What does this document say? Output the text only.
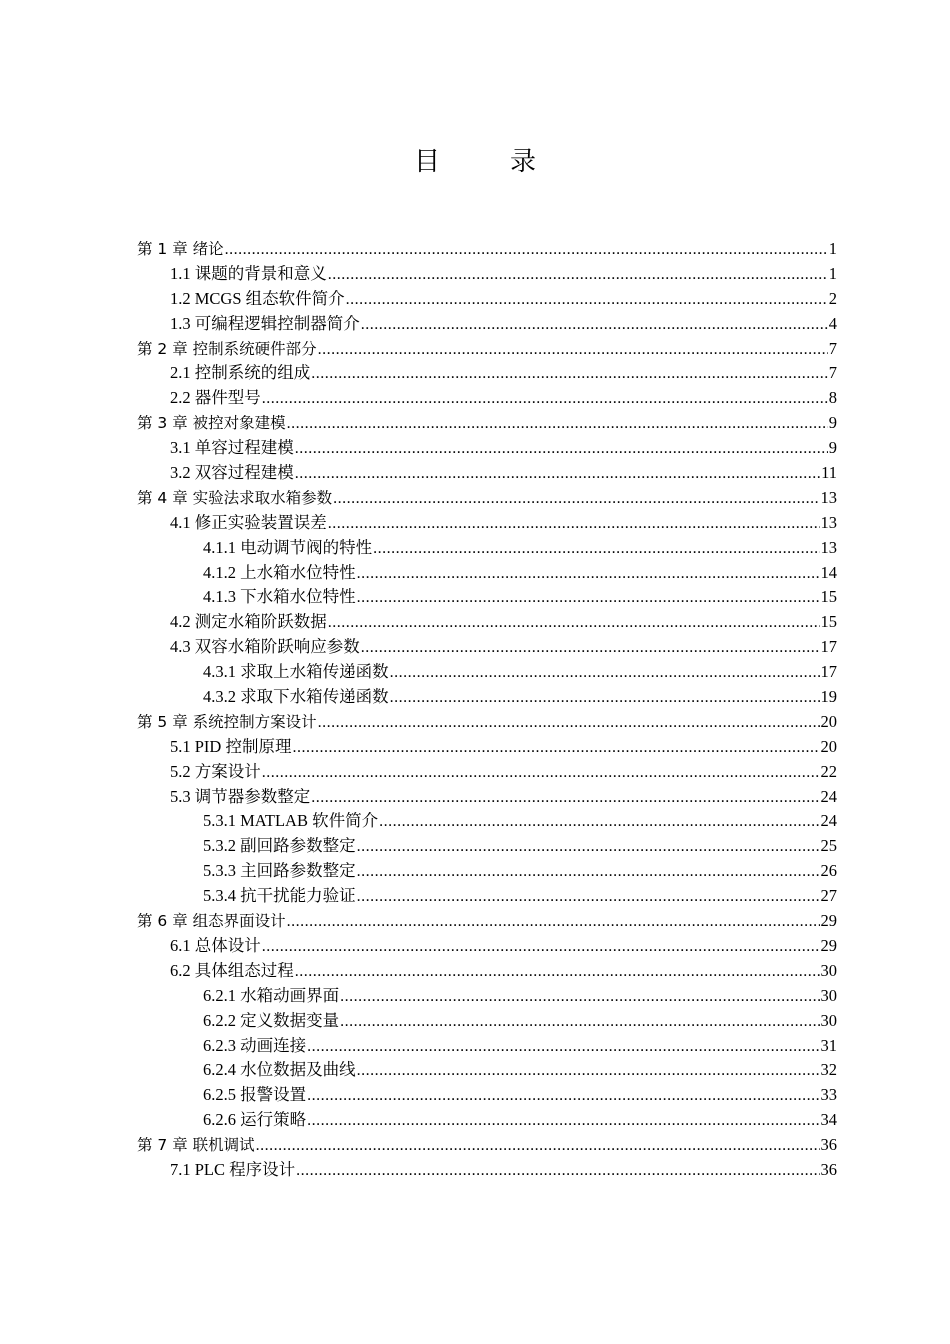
目　录
第 1 章 绪论 .....	1
1.1 课题的背景和意义 .....	1
1.2 MCGS 组态软件简介 .....	2
1.3 可编程逻辑控制器简介 .....	4
第 2 章 控制系统硬件部分 .....	7
2.1 控制系统的组成 .....	7
2.2 器件型号 .....	8
第 3 章 被控对象建模 .....	9
3.1 单容过程建模 .....	9
3.2 双容过程建模 .....	11
第 4 章 实验法求取水箱参数 .....	13
4.1 修正实验装置误差 .....	13
4.1.1 电动调节阀的特性 .....	13
4.1.2 上水箱水位特性 .....	14
4.1.3 下水箱水位特性 .....	15
4.2 测定水箱阶跃数据 .....	15
4.3 双容水箱阶跃响应参数 .....	17
4.3.1 求取上水箱传递函数 .....	17
4.3.2 求取下水箱传递函数 .....	19
第 5 章 系统控制方案设计 .....	20
5.1 PID 控制原理 .....	20
5.2 方案设计 .....	22
5.3 调节器参数整定 .....	24
5.3.1 MATLAB 软件简介 .....	24
5.3.2 副回路参数整定 .....	25
5.3.3 主回路参数整定 .....	26
5.3.4 抗干扰能力验证 .....	27
第 6 章 组态界面设计 .....	29
6.1 总体设计 .....	29
6.2 具体组态过程 .....	30
6.2.1 水箱动画界面 .....	30
6.2.2 定义数据变量 .....	30
6.2.3 动画连接 .....	31
6.2.4 水位数据及曲线 .....	32
6.2.5 报警设置 .....	33
6.2.6 运行策略 .....	34
第 7 章 联机调试 .....	36
7.1 PLC 程序设计 .....	36
